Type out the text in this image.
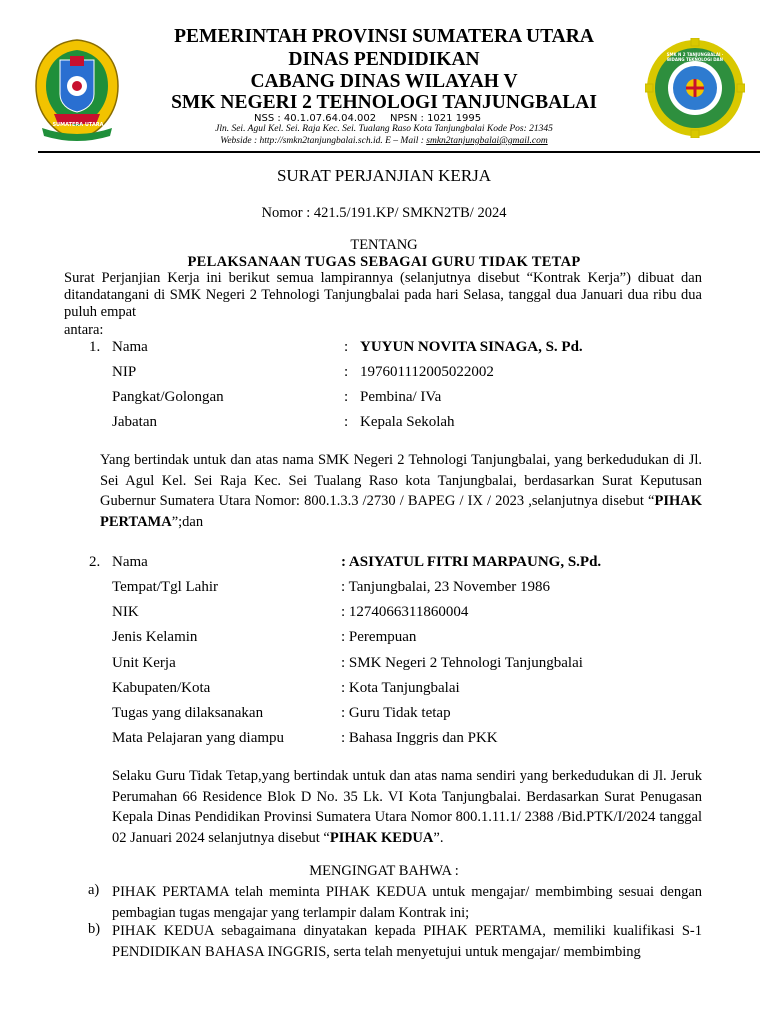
SUMATERA UTARA
SMK N 2 TANJUNGBALAI · BIDANG TEKNOLOGI DAN INDUSTRI
PEMERINTAH PROVINSI SUMATERA UTARA
DINAS PENDIDIKAN
CABANG DINAS WILAYAH V
SMK NEGERI 2 TEHNOLOGI TANJUNGBALAI
NSS : 40.1.07.64.04.002 NPSN : 1021 1995
Jln. Sei. Agul Kel. Sei. Raja Kec. Sei. Tualang Raso Kota Tanjungbalai Kode Pos: 21345
Webside : http://smkn2tanjungbalai.sch.id. E – Mail : smkn2tanjungbalai@gmail.com
SURAT PERJANJIAN KERJA
Nomor : 421.5/191.KP/ SMKN2TB/ 2024
TENTANG
PELAKSANAAN TUGAS SEBAGAI GURU TIDAK TETAP
Surat Perjanjian Kerja ini berikut semua lampirannya (selanjutnya disebut “Kontrak Kerja”) dibuat dan ditandatangani di SMK Negeri 2 Tehnologi Tanjungbalai pada hari Selasa, tanggal dua Januari dua ribu dua puluh empat
antara:
1. Nama	: YUYUN NOVITA SINAGA, S. Pd.
NIP	: 197601112005022002
Pangkat/Golongan	: Pembina/ IVa
Jabatan	: Kepala Sekolah
Yang bertindak untuk dan atas nama SMK Negeri 2 Tehnologi Tanjungbalai, yang berkedudukan di Jl. Sei Agul Kel. Sei Raja Kec. Sei Tualang Raso kota Tanjungbalai, berdasarkan Surat Keputusan Gubernur Sumatera Utara Nomor: 800.1.3.3 /2730 / BAPEG / IX / 2023 ,selanjutnya disebut “PIHAK PERTAMA”;dan
2. Nama	: ASIYATUL FITRI MARPAUNG, S.Pd.
Tempat/Tgl Lahir	: Tanjungbalai, 23 November 1986
NIK	: 1274066311860004
Jenis Kelamin	: Perempuan
Unit Kerja	: SMK Negeri 2 Tehnologi Tanjungbalai
Kabupaten/Kota	: Kota Tanjungbalai
Tugas yang dilaksanakan	: Guru Tidak tetap
Mata Pelajaran yang diampu	: Bahasa Inggris dan PKK
Selaku Guru Tidak Tetap,yang bertindak untuk dan atas nama sendiri yang berkedudukan di Jl. Jeruk Perumahan 66 Residence Blok D No. 35 Lk. VI Kota Tanjungbalai. Berdasarkan Surat Penugasan Kepala Dinas Pendidikan Provinsi Sumatera Utara Nomor 800.1.11.1/ 2388 /Bid.PTK/I/2024 tanggal 02 Januari 2024 selanjutnya disebut “PIHAK KEDUA”.
MENGINGAT BAHWA :
a) PIHAK PERTAMA telah meminta PIHAK KEDUA untuk mengajar/ membimbing sesuai dengan pembagian tugas mengajar yang terlampir dalam Kontrak ini;
b) PIHAK KEDUA sebagaimana dinyatakan kepada PIHAK PERTAMA, memiliki kualifikasi S-1 PENDIDIKAN BAHASA INGGRIS, serta telah menyetujui untuk mengajar/ membimbing
